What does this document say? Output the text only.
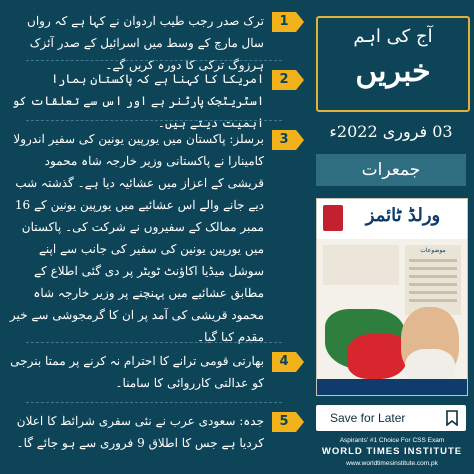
1
ترک صدر رجب طیب اردوان نے کہا ہے کہ رواں سال مارچ کے وسط میں اسرائیل کے صدر آئزک ہرزوگ ترکی کا دورہ کریں گے۔
2
امریکا کا کہنا ہے کہ پاکستان ہمارا اسٹریٹجک پارٹنر ہے اور اس سے تعلقات کو اہمیت دیتے ہیں۔
3
برسلز: پاکستان میں یورپین یونین کی سفیر اندرولا کامینارا نے پاکستانی وزیر خارجہ شاہ محمود قریشی کے اعزاز میں عشائیہ دیا ہے۔ گذشتہ شب دیے جانے والے اس عشائیے میں یورپین یونین کے 16 ممبر ممالک کے سفیروں نے شرکت کی۔ پاکستان میں یورپین یونین کی سفیر کی جانب سے اپنے سوشل میڈیا اکاؤنٹ ٹویٹر پر دی گئی اطلاع کے مطابق عشائیے میں پہنچنے پر وزیر خارجہ شاہ محمود قریشی کی آمد پر ان کا گرمجوشی سے خیر مقدم کیا گیا۔
4
بھارتی قومی ترانے کا احترام نہ کرنے پر ممتا بنرجی کو عدالتی کارروائی کا سامنا۔
5
جدہ: سعودی عرب نے نئی سفری شرائط کا اعلان کردیا ہے جس کا اطلاق 9 فروری سے ہو جائے گا۔
آج کی اہم
خبریں
03 فروری 2022ء
جمعرات
ورلڈ ٹائمز
موضوعات
Save for Later
Aspirants' #1 Choice For CSS Exam
WORLD TIMES INSTITUTE
www.worldtimesinstitute.com.pk
